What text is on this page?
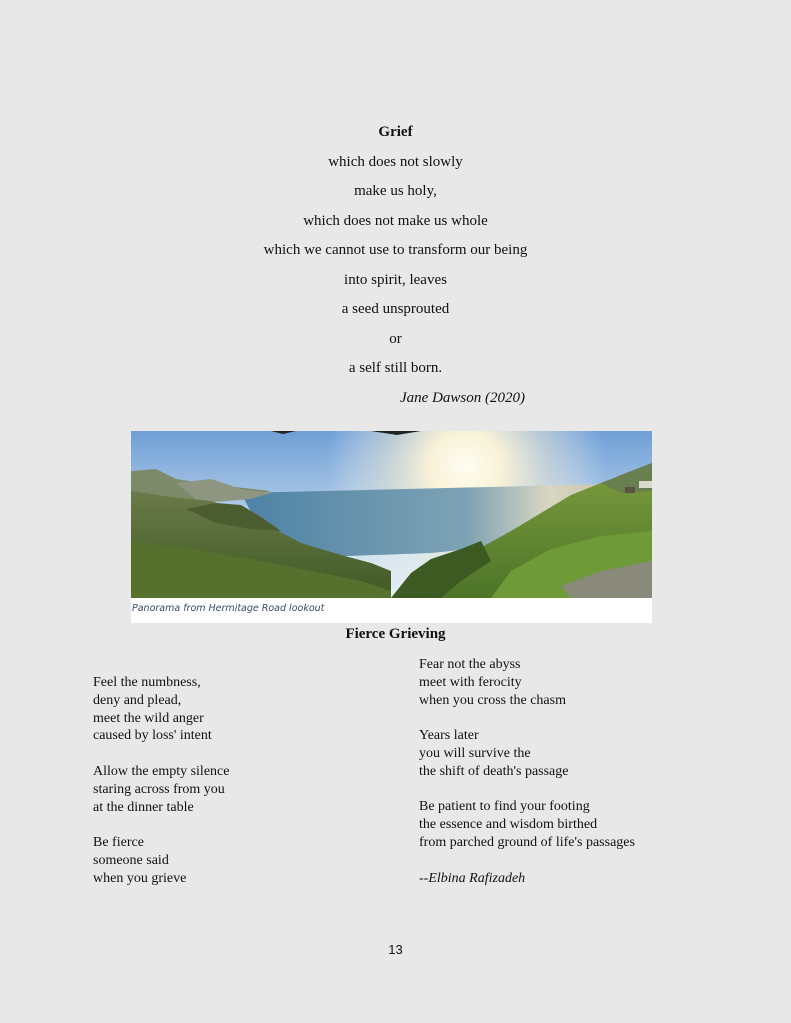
Grief
which does not slowly
make us holy,
which does not make us whole
which we cannot use to transform our being
into spirit, leaves
a seed unsprouted
or
a self still born.
Jane Dawson (2020)
Panorama from Hermitage Road lookout
Fierce Grieving
Feel the numbness,
deny and plead,
meet the wild anger
caused by loss' intent
Allow the empty silence
staring across from you
at the dinner table
Be fierce
someone said
when you grieve
Fear not the abyss
meet with ferocity
when you cross the chasm
Years later
you will survive the
the shift of death's passage
Be patient to find your footing
the essence and wisdom birthed
from parched ground of life's passages
--Elbina Rafizadeh
13
